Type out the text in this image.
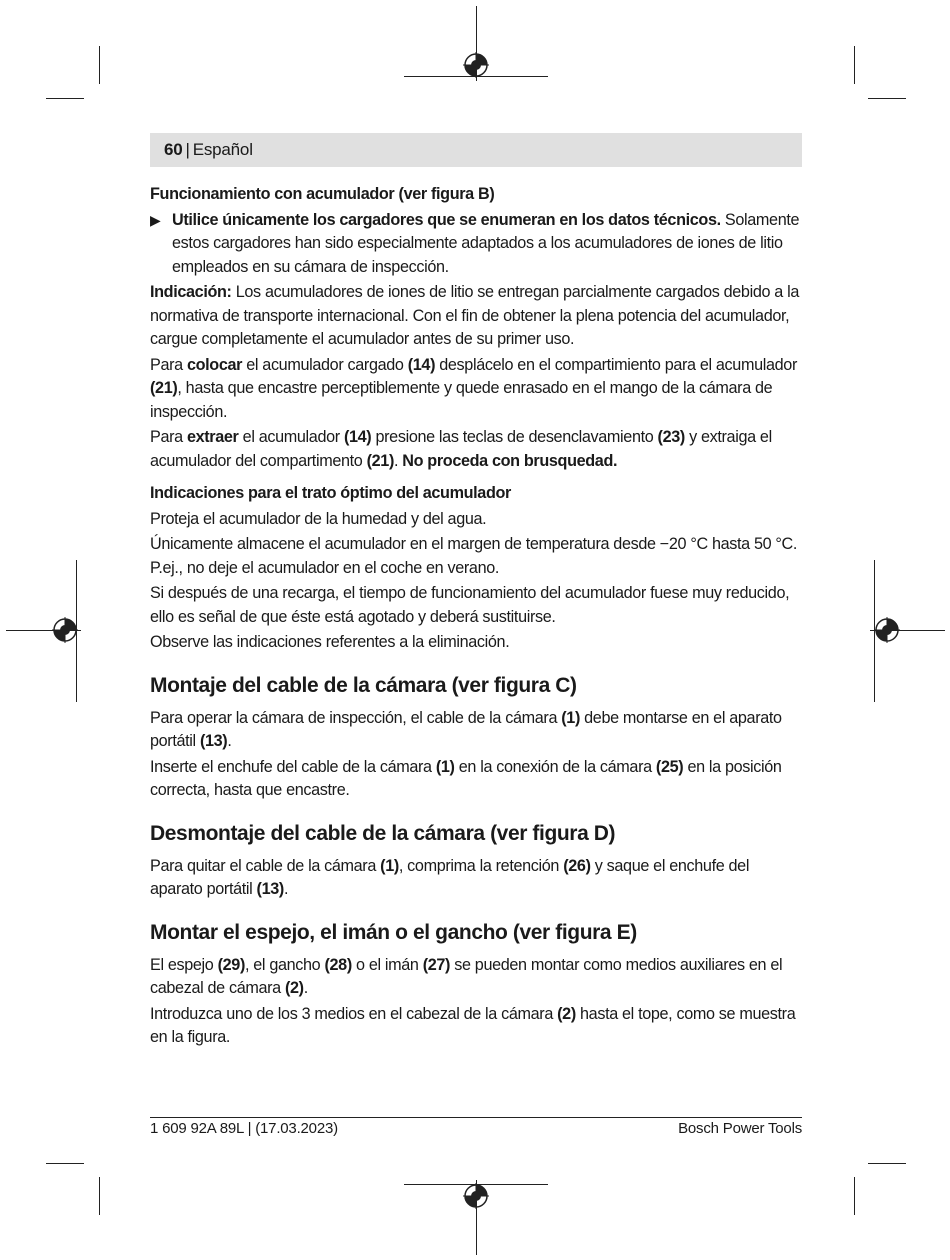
60 | Español

Funcionamiento con acumulador (ver figura B)

▶ Utilice únicamente los cargadores que se enumeran en los datos técnicos. Solamente estos cargadores han sido especialmente adaptados a los acumuladores de iones de litio empleados en su cámara de inspección.

Indicación: Los acumuladores de iones de litio se entregan parcialmente cargados debido a la normativa de transporte internacional. Con el fin de obtener la plena potencia del acumulador, cargue completamente el acumulador antes de su primer uso.

Para colocar el acumulador cargado (14) desplácelo en el compartimiento para el acumulador (21), hasta que encastre perceptiblemente y quede enrasado en el mango de la cámara de inspección.

Para extraer el acumulador (14) presione las teclas de desenclavamiento (23) y extraiga el acumulador del compartimento (21). No proceda con brusquedad.

Indicaciones para el trato óptimo del acumulador

Proteja el acumulador de la humedad y del agua.

Únicamente almacene el acumulador en el margen de temperatura desde −20 °C hasta 50 °C. P.ej., no deje el acumulador en el coche en verano.

Si después de una recarga, el tiempo de funcionamiento del acumulador fuese muy reducido, ello es señal de que éste está agotado y deberá sustituirse.

Observe las indicaciones referentes a la eliminación.

Montaje del cable de la cámara (ver figura C)

Para operar la cámara de inspección, el cable de la cámara (1) debe montarse en el aparato portátil (13).

Inserte el enchufe del cable de la cámara (1) en la conexión de la cámara (25) en la posición correcta, hasta que encastre.

Desmontaje del cable de la cámara (ver figura D)

Para quitar el cable de la cámara (1), comprima la retención (26) y saque el enchufe del aparato portátil (13).

Montar el espejo, el imán o el gancho (ver figura E)

El espejo (29), el gancho (28) o el imán (27) se pueden montar como medios auxiliares en el cabezal de cámara (2).

Introduzca uno de los 3 medios en el cabezal de la cámara (2) hasta el tope, como se muestra en la figura.

1 609 92A 89L | (17.03.2023)	Bosch Power Tools
